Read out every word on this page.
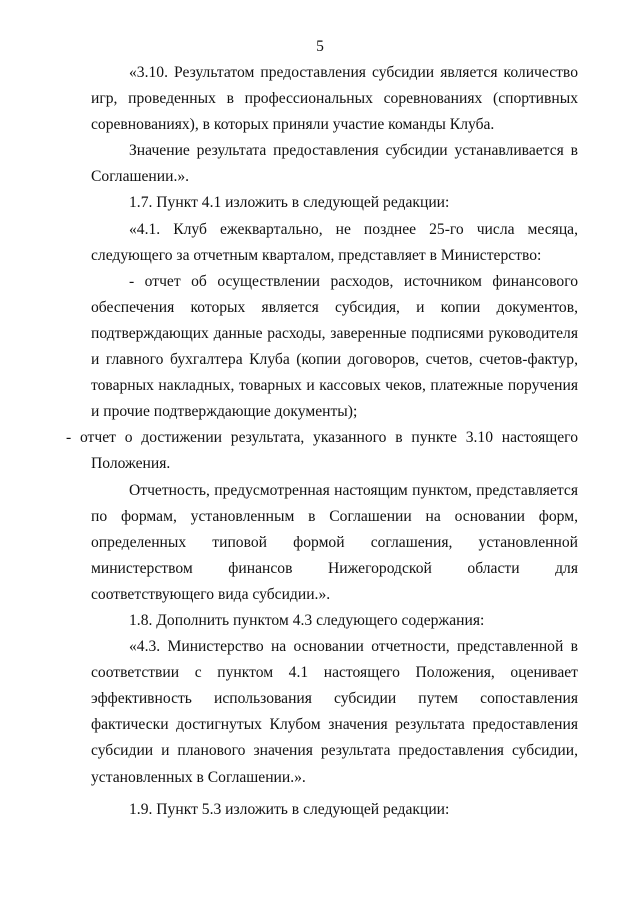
5

«3.10. Результатом предоставления субсидии является количество игр, проведенных в профессиональных соревнованиях (спортивных соревнованиях), в которых приняли участие команды Клуба.

Значение результата предоставления субсидии устанавливается в Соглашении.».

1.7. Пункт 4.1 изложить в следующей редакции:

«4.1. Клуб ежеквартально, не позднее 25-го числа месяца, следующего за отчетным кварталом, представляет в Министерство:

- отчет об осуществлении расходов, источником финансового обеспечения которых является субсидия, и копии документов, подтверждающих данные расходы, заверенные подписями руководителя и главного бухгалтера Клуба (копии договоров, счетов, счетов-фактур, товарных накладных, товарных и кассовых чеков, платежные поручения и прочие подтверждающие документы);

- отчет о достижении результата, указанного в пункте 3.10 настоящего Положения.

Отчетность, предусмотренная настоящим пунктом, представляется по формам, установленным в Соглашении на основании форм, определенных типовой формой соглашения, установленной министерством финансов Нижегородской области для соответствующего вида субсидии.».

1.8. Дополнить пунктом 4.3 следующего содержания:

«4.3. Министерство на основании отчетности, представленной в соответствии с пунктом 4.1 настоящего Положения, оценивает эффективность использования субсидии путем сопоставления фактически достигнутых Клубом значения результата предоставления субсидии и планового значения результата предоставления субсидии, установленных в Соглашении.».

1.9. Пункт 5.3 изложить в следующей редакции:
